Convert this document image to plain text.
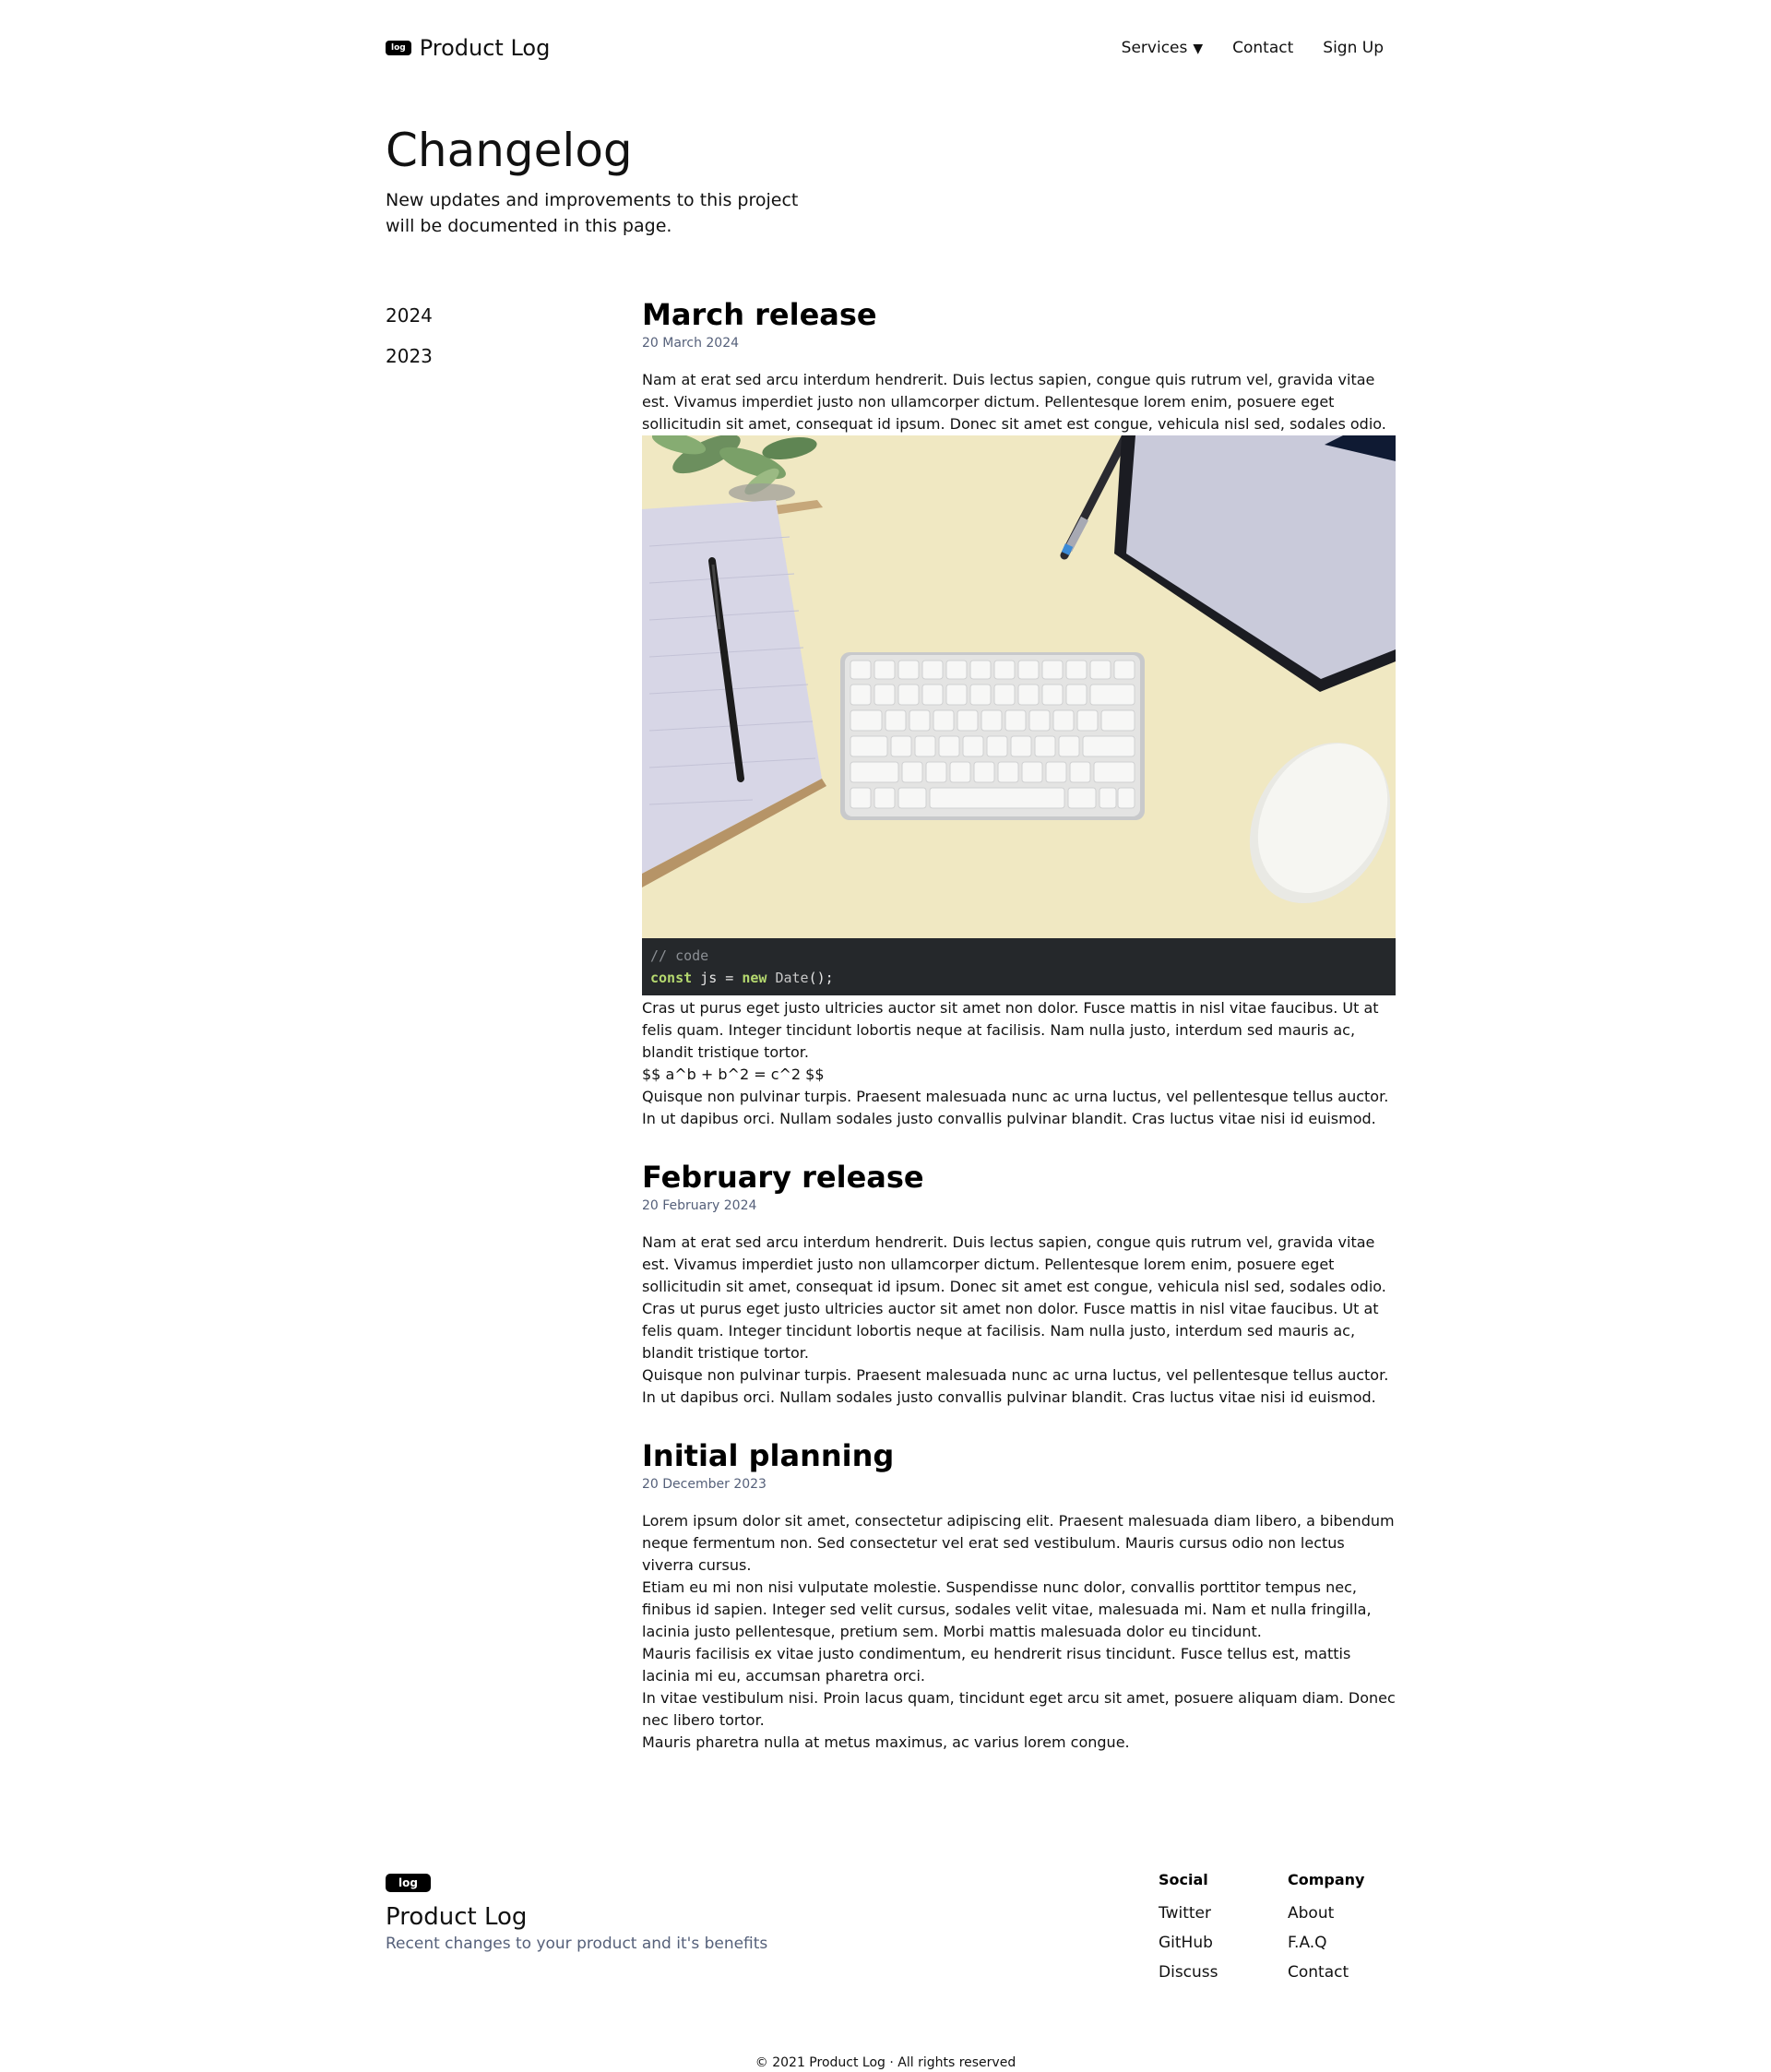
log Product Log	Services ▼	Contact	Sign Up
Changelog

New updates and improvements to this project will be documented in this page.

2024
2023
March release
20 March 2024

Nam at erat sed arcu interdum hendrerit. Duis lectus sapien, congue quis rutrum vel, gravida vitae est. Vivamus imperdiet justo non ullamcorper dictum. Pellentesque lorem enim, posuere eget sollicitudin sit amet, consequat id ipsum. Donec sit amet est congue, vehicula nisl sed, sodales odio.

// code
const js = new Date();

Cras ut purus eget justo ultricies auctor sit amet non dolor. Fusce mattis in nisl vitae faucibus. Ut at felis quam. Integer tincidunt lobortis neque at facilisis. Nam nulla justo, interdum sed mauris ac, blandit tristique tortor.

$$ a^b + b^2 = c^2 $$

Quisque non pulvinar turpis. Praesent malesuada nunc ac urna luctus, vel pellentesque tellus auctor. In ut dapibus orci. Nullam sodales justo convallis pulvinar blandit. Cras luctus vitae nisi id euismod.

February release
20 February 2024

Nam at erat sed arcu interdum hendrerit. Duis lectus sapien, congue quis rutrum vel, gravida vitae est. Vivamus imperdiet justo non ullamcorper dictum. Pellentesque lorem enim, posuere eget sollicitudin sit amet, consequat id ipsum. Donec sit amet est congue, vehicula nisl sed, sodales odio.

Cras ut purus eget justo ultricies auctor sit amet non dolor. Fusce mattis in nisl vitae faucibus. Ut at felis quam. Integer tincidunt lobortis neque at facilisis. Nam nulla justo, interdum sed mauris ac, blandit tristique tortor.

Quisque non pulvinar turpis. Praesent malesuada nunc ac urna luctus, vel pellentesque tellus auctor. In ut dapibus orci. Nullam sodales justo convallis pulvinar blandit. Cras luctus vitae nisi id euismod.

Initial planning
20 December 2023

Lorem ipsum dolor sit amet, consectetur adipiscing elit. Praesent malesuada diam libero, a bibendum neque fermentum non. Sed consectetur vel erat sed vestibulum. Mauris cursus odio non lectus viverra cursus.

Etiam eu mi non nisi vulputate molestie. Suspendisse nunc dolor, convallis porttitor tempus nec, finibus id sapien. Integer sed velit cursus, sodales velit vitae, malesuada mi. Nam et nulla fringilla, lacinia justo pellentesque, pretium sem. Morbi mattis malesuada dolor eu tincidunt.

Mauris facilisis ex vitae justo condimentum, eu hendrerit risus tincidunt. Fusce tellus est, mattis lacinia mi eu, accumsan pharetra orci.

In vitae vestibulum nisi. Proin lacus quam, tincidunt eget arcu sit amet, posuere aliquam diam. Donec nec libero tortor.

Mauris pharetra nulla at metus maximus, ac varius lorem congue.

log
Product Log
Recent changes to your product and it's benefits
Social
Twitter
GitHub
Discuss
Company
About
F.A.Q
Contact
© 2021 Product Log · All rights reserved
